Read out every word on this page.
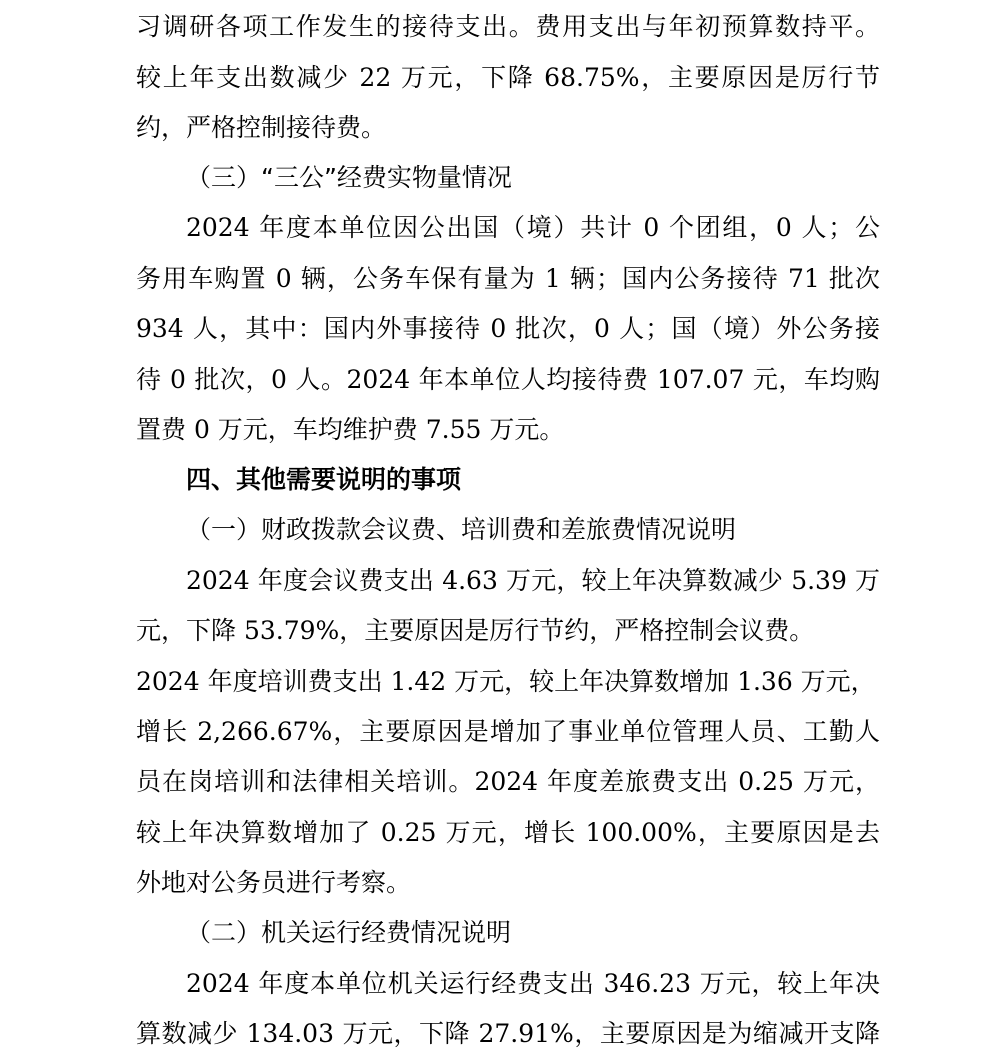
习调研各项工作发生的接待支出。费用支出与年初预算数持平。
较上年支出数减少 22 万元，下降 68.75%，主要原因是厉行节
约，严格控制接待费。
（三）“三公”经费实物量情况
2024 年度本单位因公出国（境）共计 0 个团组，0 人；公
务用车购置 0 辆，公务车保有量为 1 辆；国内公务接待 71 批次
934 人，其中：国内外事接待 0 批次，0 人；国（境）外公务接
待 0 批次，0 人。2024 年本单位人均接待费 107.07 元，车均购
置费 0 万元，车均维护费 7.55 万元。
四、其他需要说明的事项
（一）财政拨款会议费、培训费和差旅费情况说明
2024 年度会议费支出 4.63 万元，较上年决算数减少 5.39 万
元，下降 53.79%，主要原因是厉行节约，严格控制会议费。
2024 年度培训费支出 1.42 万元，较上年决算数增加 1.36 万元，
增长 2,266.67%，主要原因是增加了事业单位管理人员、工勤人
员在岗培训和法律相关培训。2024 年度差旅费支出 0.25 万元，
较上年决算数增加了 0.25 万元，增长 100.00%，主要原因是去
外地对公务员进行考察。
（二）机关运行经费情况说明
2024 年度本单位机关运行经费支出 346.23 万元，较上年决
算数减少 134.03 万元，下降 27.91%，主要原因是为缩减开支降
